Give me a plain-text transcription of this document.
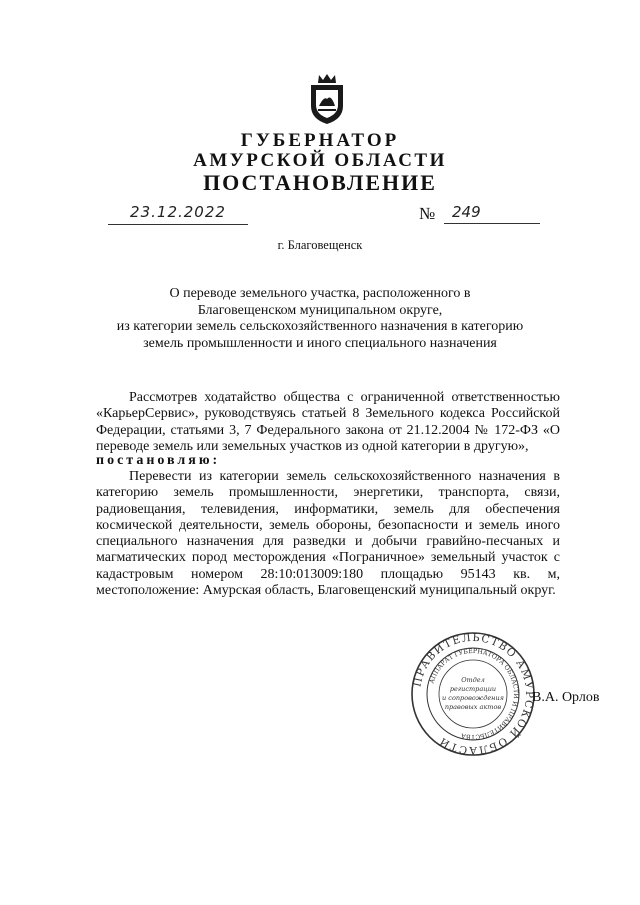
ГУБЕРНАТОР
АМУРСКОЙ ОБЛАСТИ
ПОСТАНОВЛЕНИЕ
23.12.2022	№	249
г. Благовещенск
О переводе земельного участка, расположенного в
Благовещенском муниципальном округе,
из категории земель сельскохозяйственного назначения в категорию
земель промышленности и иного специального назначения

Рассмотрев ходатайство общества с ограниченной ответственностью «КарьерСервис», руководствуясь статьей 8 Земельного кодекса Российской Федерации, статьями 3, 7 Федерального закона от 21.12.2004 № 172-ФЗ «О переводе земель или земельных участков из одной категории в другую»,

постановляю:

Перевести из категории земель сельскохозяйственного назначения в категорию земель промышленности, энергетики, транспорта, связи, радиовещания, телевидения, информатики, земель для обеспечения космической деятельности, земель обороны, безопасности и земель иного специального назначения для разведки и добычи гравийно-песчаных и магматических пород месторождения «Пограничное» земельный участок с кадастровым номером 28:10:013009:180 площадью 95143 кв. м, местоположение: Амурская область, Благовещенский муниципальный округ.

ПРАВИТЕЛЬСТВО АМУРСКОЙ ОБЛАСТИ
АППАРАТ ГУБЕРНАТОРА ОБЛАСТИ И ПРАВИТЕЛЬСТВА
Отдел
регистрации
и сопровождения
правовых актов
В.А. Орлов
